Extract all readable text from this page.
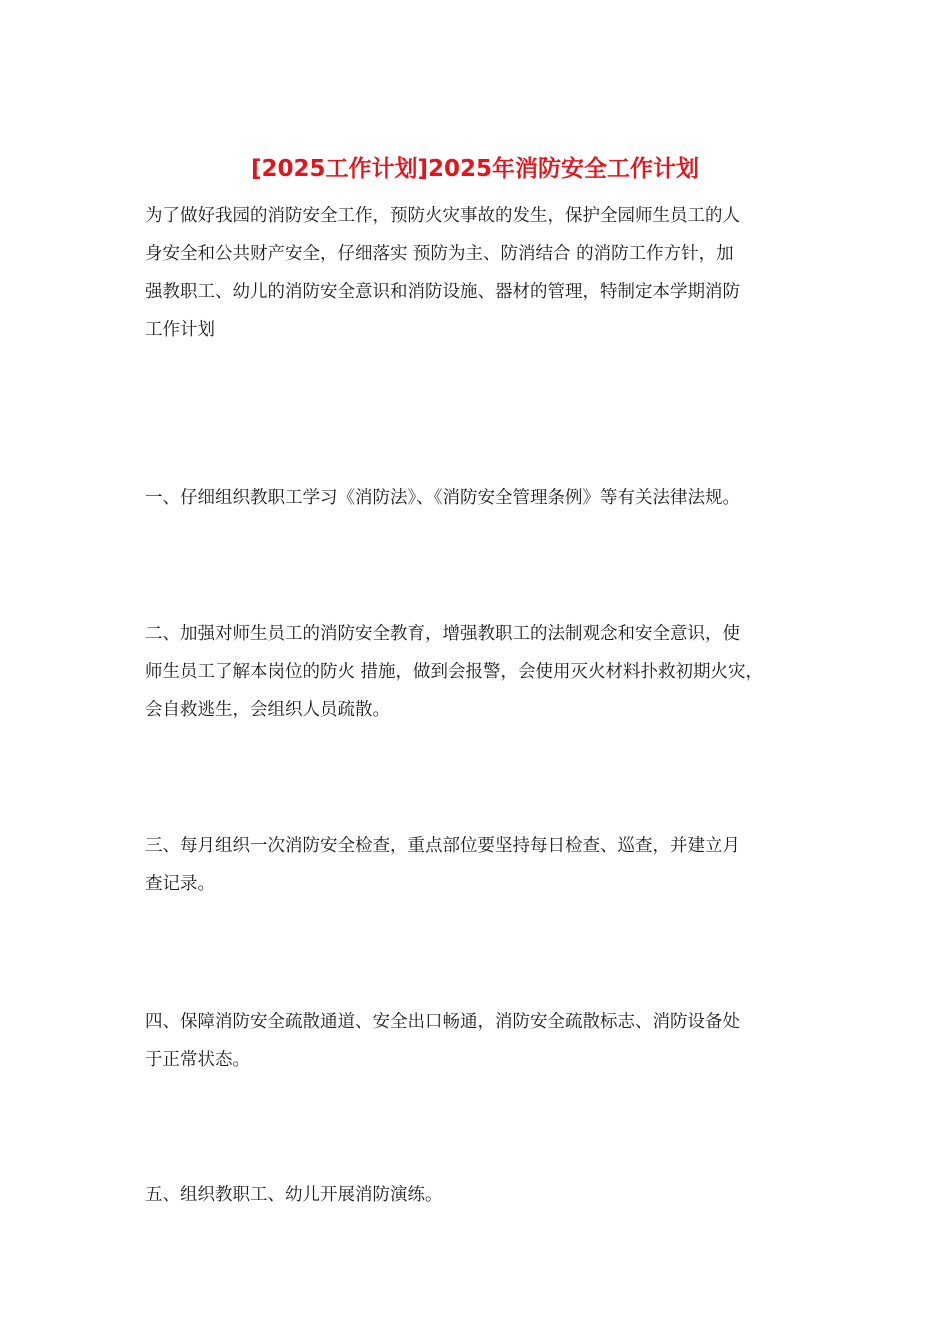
[2025工作计划]2025年消防安全工作计划

为了做好我园的消防安全工作，预防火灾事故的发生，保护全园师生员工的人
身安全和公共财产安全，仔细落实 预防为主、防消结合 的消防工作方针，加
强教职工、幼儿的消防安全意识和消防设施、器材的管理，特制定本学期消防
工作计划

一、仔细组织教职工学习《消防法》、《消防安全管理条例》等有关法律法规。

二、加强对师生员工的消防安全教育，增强教职工的法制观念和安全意识，使
师生员工了解本岗位的防火 措施，做到会报警，会使用灭火材料扑救初期火灾，
会自救逃生，会组织人员疏散。

三、每月组织一次消防安全检查，重点部位要坚持每日检查、巡查，并建立月
查记录。

四、保障消防安全疏散通道、安全出口畅通，消防安全疏散标志、消防设备处
于正常状态。

五、组织教职工、幼儿开展消防演练。
